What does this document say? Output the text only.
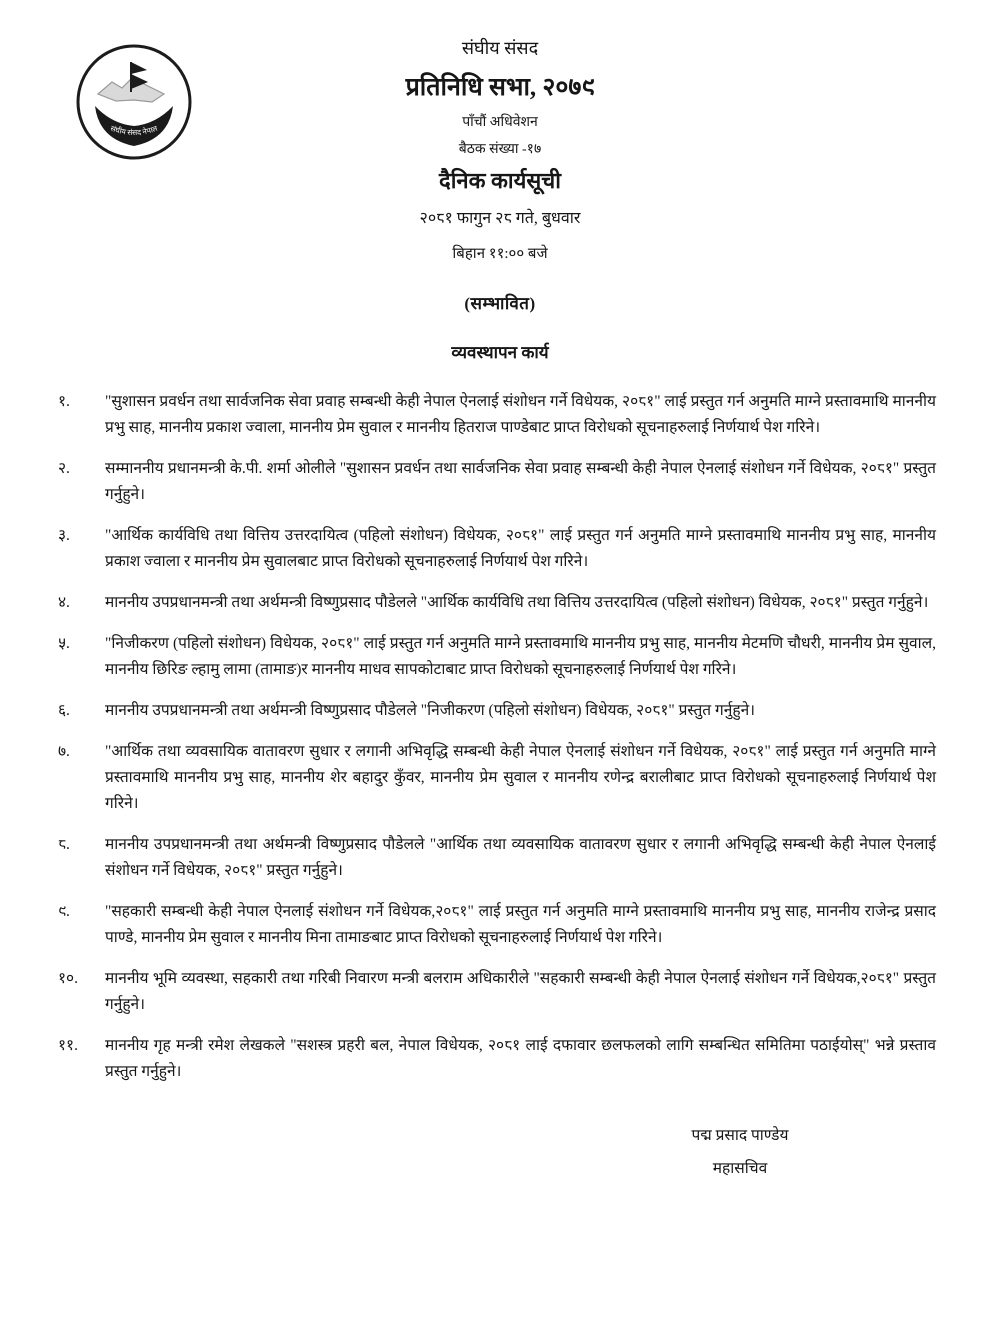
संघीय संसद नेपाल
संघीय संसद
प्रतिनिधि सभा, २०७९
पाँचौं अधिवेशन
बैठक संख्या -१७
दैनिक कार्यसूची
२०८१ फागुन २८ गते, बुधवार
बिहान ११:०० बजे
(सम्भावित)
व्यवस्थापन कार्य
१.	"सुशासन प्रवर्धन तथा सार्वजनिक सेवा प्रवाह सम्बन्धी केही नेपाल ऐनलाई संशोधन गर्ने विधेयक, २०८१" लाई प्रस्तुत गर्न अनुमति माग्ने प्रस्तावमाथि माननीय प्रभु साह, माननीय प्रकाश ज्वाला, माननीय प्रेम सुवाल र माननीय हितराज पाण्डेबाट प्राप्त विरोधको सूचनाहरुलाई निर्णयार्थ पेश गरिने।
२.	सम्माननीय प्रधानमन्त्री के.पी. शर्मा ओलीले "सुशासन प्रवर्धन तथा सार्वजनिक सेवा प्रवाह सम्बन्धी केही नेपाल ऐनलाई संशोधन गर्ने विधेयक, २०८१" प्रस्तुत गर्नुहुने।
३.	"आर्थिक कार्यविधि तथा वित्तिय उत्तरदायित्व (पहिलो संशोधन) विधेयक, २०८१" लाई प्रस्तुत गर्न अनुमति माग्ने प्रस्तावमाथि माननीय प्रभु साह, माननीय प्रकाश ज्वाला र माननीय प्रेम सुवालबाट प्राप्त विरोधको सूचनाहरुलाई निर्णयार्थ पेश गरिने।
४.	माननीय उपप्रधानमन्त्री तथा अर्थमन्त्री विष्णुप्रसाद पौडेलले "आर्थिक कार्यविधि तथा वित्तिय उत्तरदायित्व (पहिलो संशोधन) विधेयक, २०८१" प्रस्तुत गर्नुहुने।
५.	"निजीकरण (पहिलो संशोधन) विधेयक, २०८१" लाई प्रस्तुत गर्न अनुमति माग्ने प्रस्तावमाथि माननीय प्रभु साह, माननीय मेटमणि चौधरी, माननीय प्रेम सुवाल, माननीय छिरिङ ल्हामु लामा (तामाङ)र माननीय माधव सापकोटाबाट प्राप्त विरोधको सूचनाहरुलाई निर्णयार्थ पेश गरिने।
६.	माननीय उपप्रधानमन्त्री तथा अर्थमन्त्री विष्णुप्रसाद पौडेलले "निजीकरण (पहिलो संशोधन) विधेयक, २०८१" प्रस्तुत गर्नुहुने।
७.	"आर्थिक तथा व्यवसायिक वातावरण सुधार र लगानी अभिवृद्धि सम्बन्धी केही नेपाल ऐनलाई संशोधन गर्ने विधेयक, २०८१" लाई प्रस्तुत गर्न अनुमति माग्ने प्रस्तावमाथि माननीय प्रभु साह, माननीय शेर बहादुर कुँवर, माननीय प्रेम सुवाल र माननीय रणेन्द्र बरालीबाट प्राप्त विरोधको सूचनाहरुलाई निर्णयार्थ पेश गरिने।
८.	माननीय उपप्रधानमन्त्री तथा अर्थमन्त्री विष्णुप्रसाद पौडेलले "आर्थिक तथा व्यवसायिक वातावरण सुधार र लगानी अभिवृद्धि सम्बन्धी केही नेपाल ऐनलाई संशोधन गर्ने विधेयक, २०८१" प्रस्तुत गर्नुहुने।
९.	"सहकारी सम्बन्धी केही नेपाल ऐनलाई संशोधन गर्ने विधेयक,२०८१" लाई प्रस्तुत गर्न अनुमति माग्ने प्रस्तावमाथि माननीय प्रभु साह, माननीय राजेन्द्र प्रसाद पाण्डे, माननीय प्रेम सुवाल र माननीय मिना तामाङबाट प्राप्त विरोधको सूचनाहरुलाई निर्णयार्थ पेश गरिने।
१०.	माननीय भूमि व्यवस्था, सहकारी तथा गरिबी निवारण मन्त्री बलराम अधिकारीले "सहकारी सम्बन्धी केही नेपाल ऐनलाई संशोधन गर्ने विधेयक,२०८१" प्रस्तुत गर्नुहुने।
११.	माननीय गृह मन्त्री रमेश लेखकले "सशस्त्र प्रहरी बल, नेपाल विधेयक, २०८१ लाई दफावार छलफलको लागि सम्बन्धित समितिमा पठाईयोस्" भन्ने प्रस्ताव प्रस्तुत गर्नुहुने।
पद्म प्रसाद पाण्डेय
महासचिव
